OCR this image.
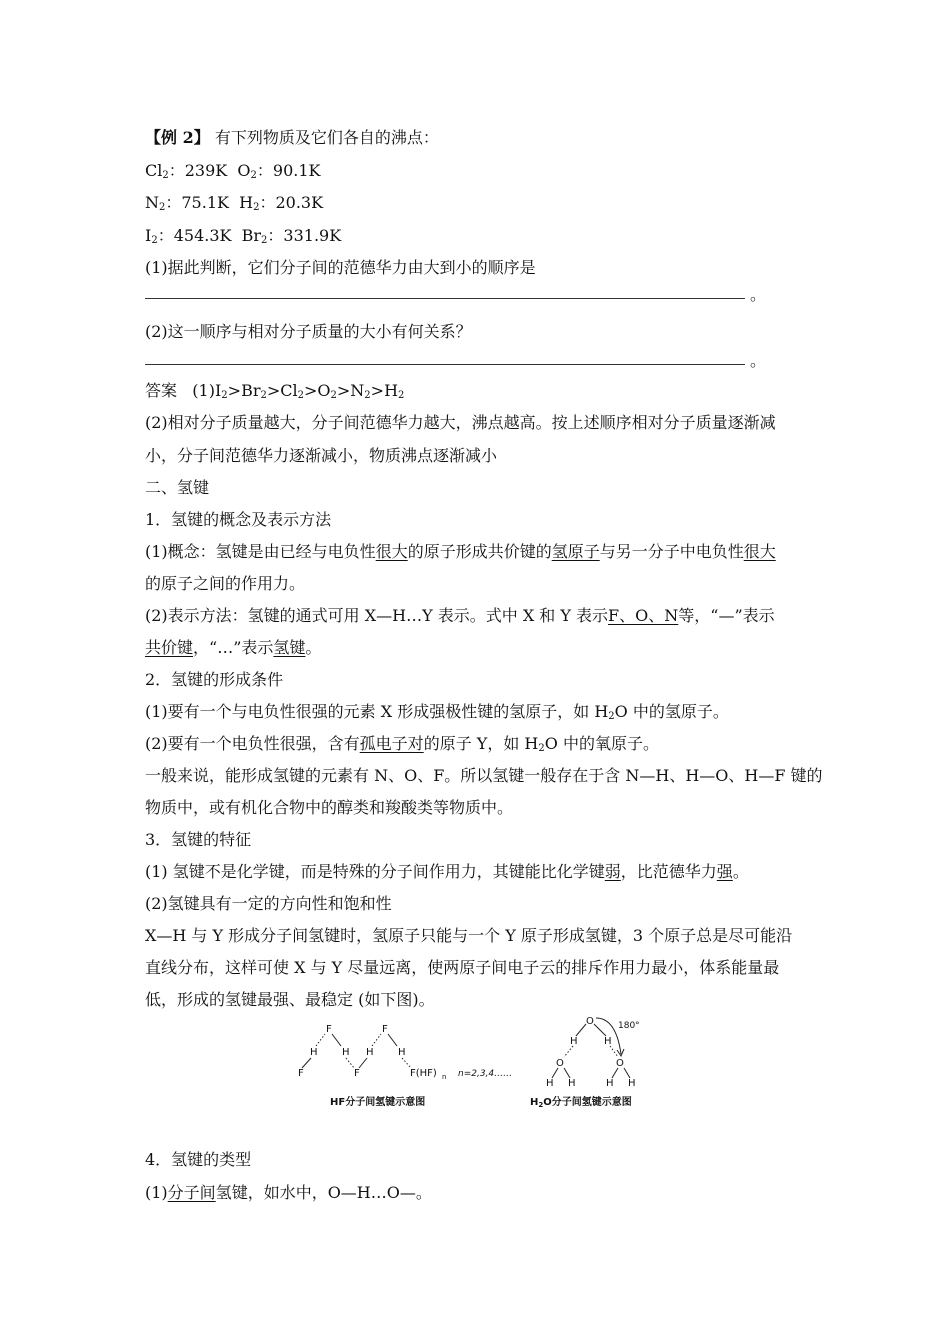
【例 2】 有下列物质及它们各自的沸点：
$Cl_2$：239K $O_2$：90.1K
$N_2$：75.1K $H_2$：20.3K
$I_2$：454.3K $Br_2$：331.9K
(1)据此判断，它们分子间的范德华力由大到小的顺序是
。
(2)这一顺序与相对分子质量的大小有何关系？
。
答案 $(1)I_2>Br_2>Cl_2>O_2>N_2>H_2$
(2)相对分子质量越大，分子间范德华力越大，沸点越高。按上述顺序相对分子质量逐渐减
小，分子间范德华力逐渐减小，物质沸点逐渐减小
二、氢键
1．氢键的概念及表示方法
(1)概念：氢键是由已经与电负性很大的原子形成共价键的氢原子与另一分子中电负性很大
的原子之间的作用力。
(2)表示方法：氢键的通式可用 X—H…Y 表示。式中 X 和 Y 表示F、O、N等，“—”表示
共价键，“…”表示氢键。
2．氢键的形成条件
(1)要有一个与电负性很强的元素 X 形成强极性键的氢原子，如 $H_2O$ 中的氢原子。
(2)要有一个电负性很强，含有孤电子对的原子 Y，如 $H_2O$ 中的氧原子。
一般来说，能形成氢键的元素有 N、O、F。所以氢键一般存在于含 N—H、H—O、H—F 键的
物质中，或有机化合物中的醇类和羧酸类等物质中。
3．氢键的特征
(1) 氢键不是化学键，而是特殊的分子间作用力，其键能比化学键弱，比范德华力强。
(2)氢键具有一定的方向性和饱和性
X—H 与 Y 形成分子间氢键时，氢原子只能与一个 Y 原子形成氢键，3 个原子总是尽可能沿
直线分布，这样可使 X 与 Y 尽量远离，使两原子间电子云的排斥作用力最小，体系能量最
低，形成的氢键最强、最稳定 (如下图)。
F
H
F
H
F
H
F
H
F(HF) n n=2,3,4……
HF分子间氢键示意图
O	180°
H	H
O	O
H H	H H
$H_2O$分子间氢键示意图
4．氢键的类型
(1)分子间氢键，如水中，O—H…O—。
